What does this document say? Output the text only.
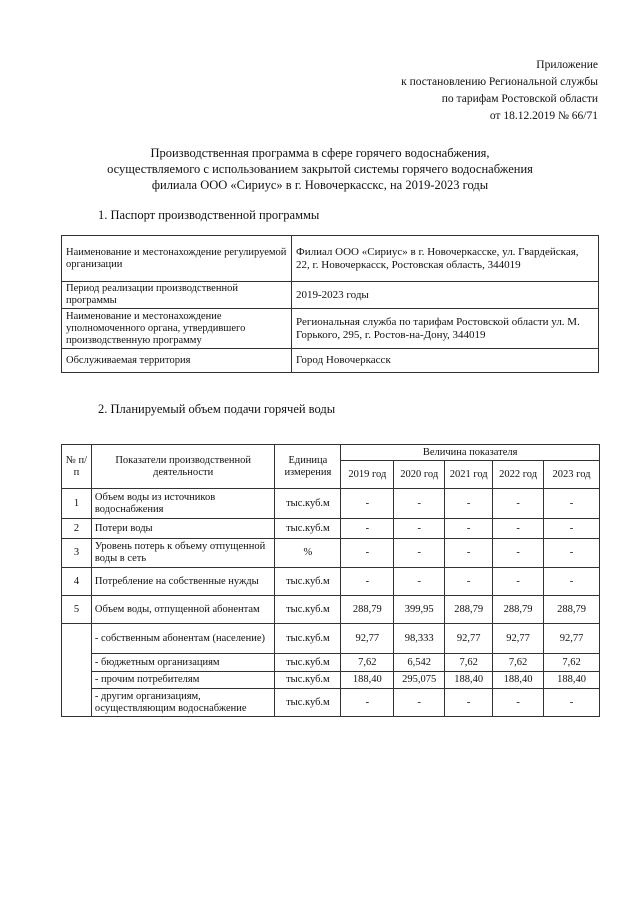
Приложение
к постановлению Региональной службы
по тарифам Ростовской области
от 18.12.2019 № 66/71
Производственная программа в сфере горячего водоснабжения,
осуществляемого с использованием закрытой системы горячего водоснабжения
филиала ООО «Сириус» в г. Новочеркасскс, на 2019-2023 годы
1. Паспорт производственной программы
Наименование и местонахождение регулируемой организации	Филиал ООО «Сириус» в г. Новочеркасске, ул. Гвардейская, 22, г. Новочеркасск, Ростовская область, 344019
Период реализации производственной программы	2019-2023 годы
Наименование и местонахождение уполномоченного органа, утвердившего производственную программу	Региональная служба по тарифам Ростовской области ул. М. Горького, 295, г. Ростов-на-Дону, 344019
Обслуживаемая территория	Город Новочеркасск
2. Планируемый объем подачи горячей воды
№ п/п	Показатели производственной деятельности	Единица измерения	Величина показателя				
			2019 год	2020 год	2021 год	2022 год	2023 год
1	Объем воды из источников водоснабжения	тыс.куб.м	-	-	-	-	-
2	Потери воды	тыс.куб.м	-	-	-	-	-
3	Уровень потерь к объему отпущенной воды в сеть	%	-	-	-	-	-
4	Потребление на собственные нужды	тыс.куб.м	-	-	-	-	-
5	Объем воды, отпущенной абонентам	тыс.куб.м	288,79	399,95	288,79	288,79	288,79
	- собственным абонентам (население)	тыс.куб.м	92,77	98,333	92,77	92,77	92,77
	- бюджетным организациям	тыс.куб.м	7,62	6,542	7,62	7,62	7,62
	- прочим потребителям	тыс.куб.м	188,40	295,075	188,40	188,40	188,40
	- другим организациям, осуществляющим водоснабжение	тыс.куб.м	-	-	-	-	-
